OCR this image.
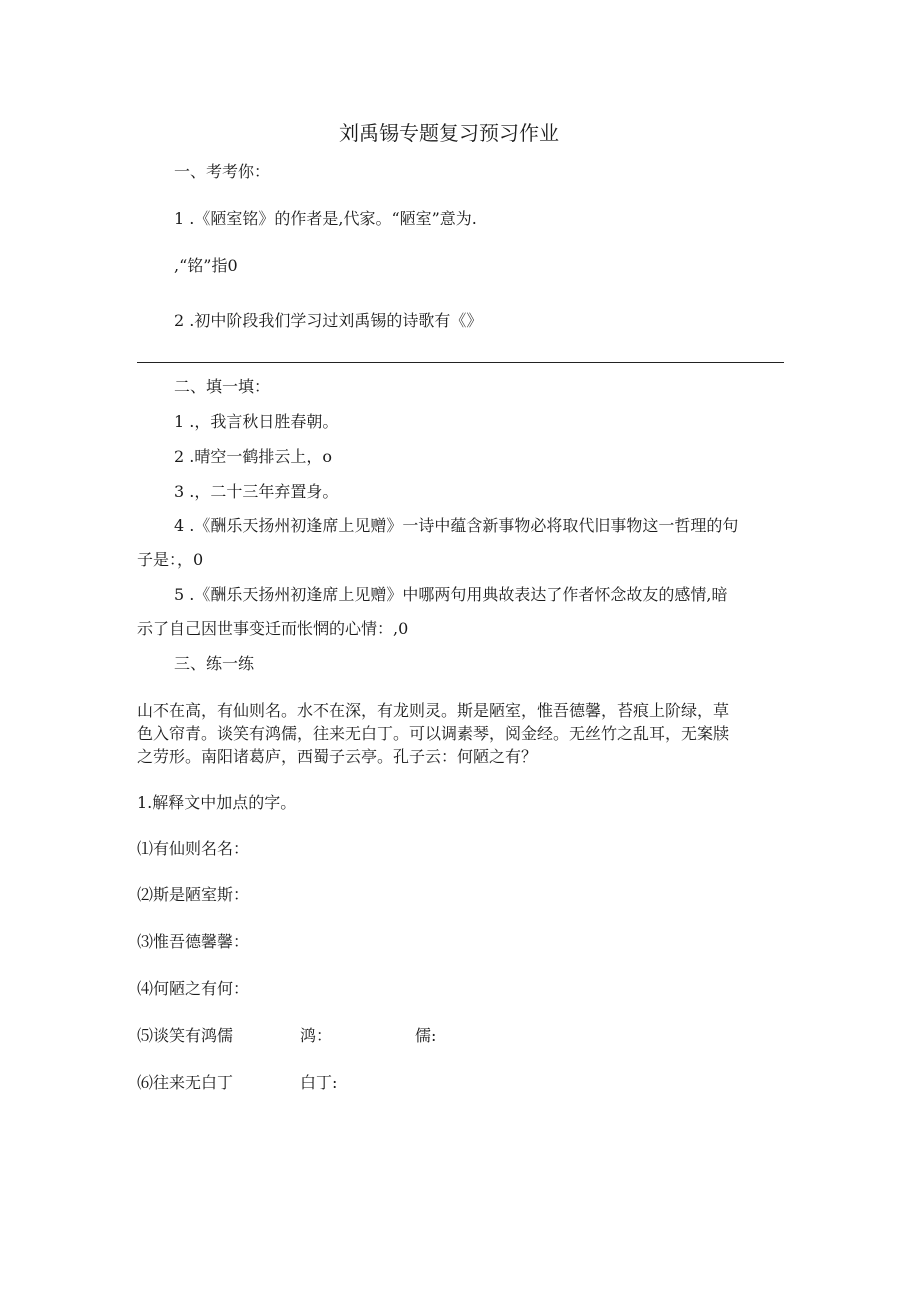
刘禹锡专题复习预习作业
一、考考你：
1 .《陋室铭》的作者是,代家。“陋室”意为.
,“铭”指0
2 .初中阶段我们学习过刘禹锡的诗歌有《》
二、填一填：
1 .，我言秋日胜春朝。
2 .晴空一鹤排云上，o
3 .，二十三年弃置身。
4 .《酬乐天扬州初逢席上见赠》一诗中蕴含新事物必将取代旧事物这一哲理的句
子是：，0
5 .《酬乐天扬州初逢席上见赠》中哪两句用典故表达了作者怀念故友的感情,暗
示了自己因世事变迁而怅惘的心情：,0
三、练一练
山不在高，有仙则名。水不在深，有龙则灵。斯是陋室，惟吾德馨，苔痕上阶绿，草
色入帘青。谈笑有鸿儒，往来无白丁。可以调素琴，阅金经。无丝竹之乱耳，无案牍
之劳形。南阳诸葛庐，西蜀子云亭。孔子云：何陋之有？
1.解释文中加点的字。
⑴有仙则名名：
⑵斯是陋室斯：
⑶惟吾德馨馨：
⑷何陋之有何：
⑸谈笑有鸿儒	鸿：	儒:
⑹往来无白丁	白丁:
